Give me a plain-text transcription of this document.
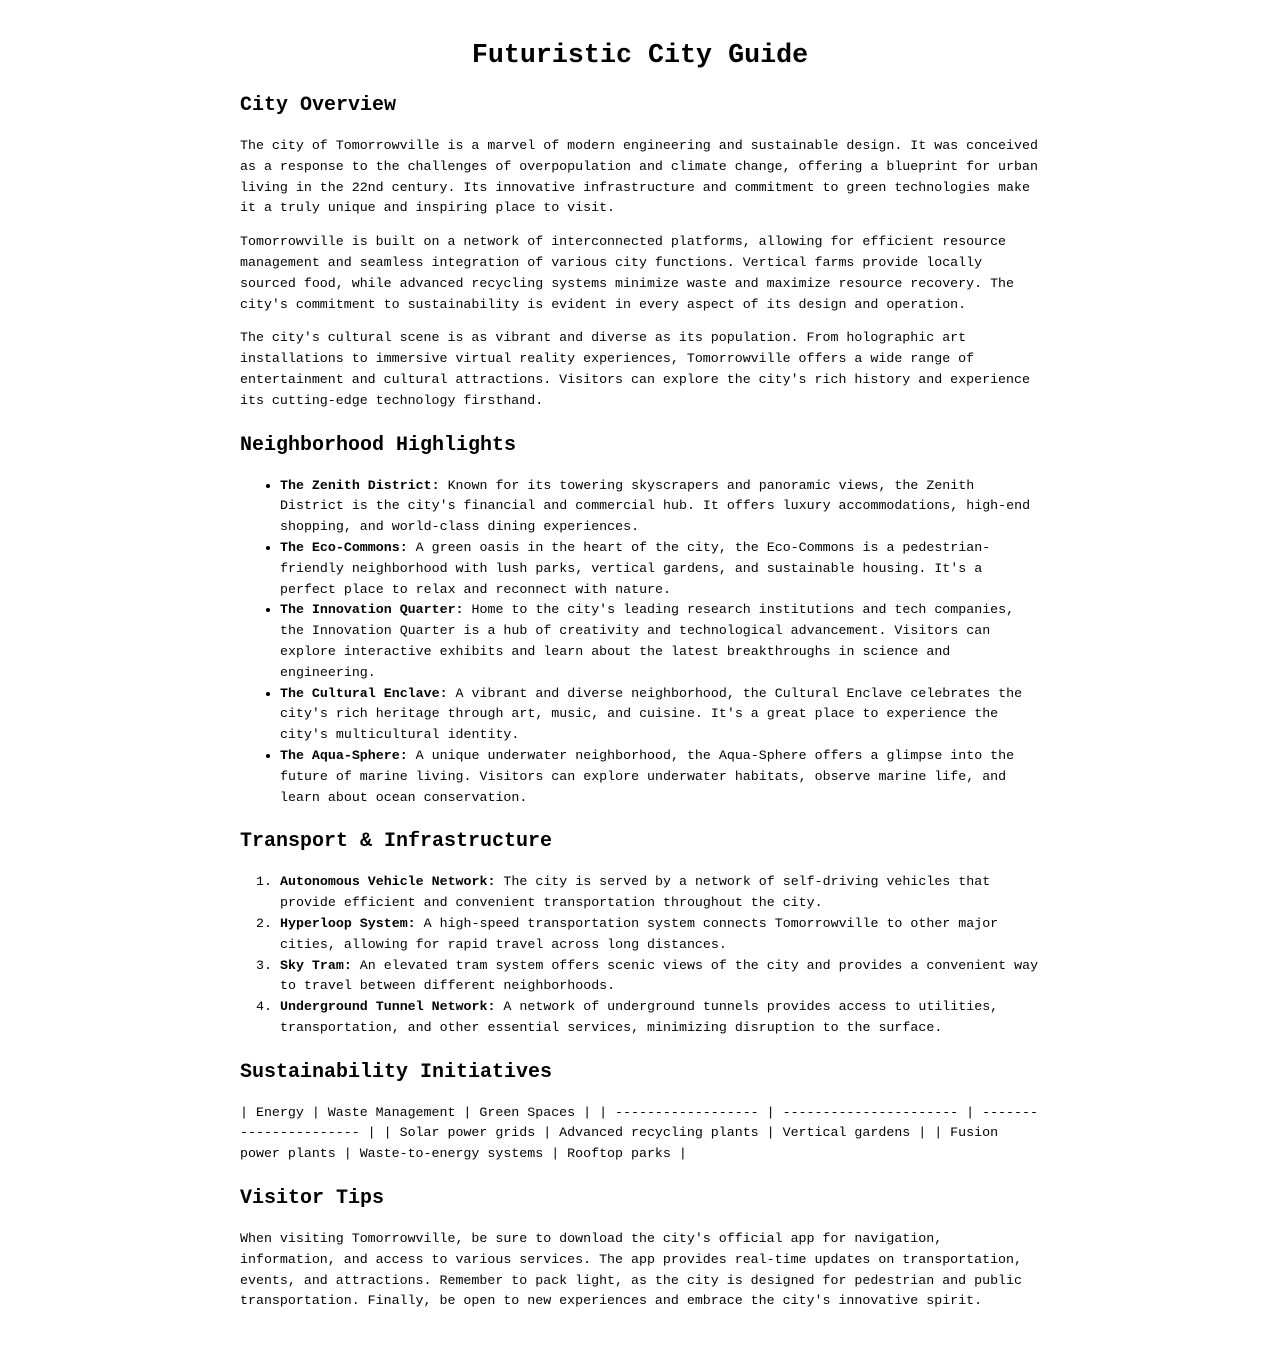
Futuristic City Guide
City Overview

The city of Tomorrowville is a marvel of modern engineering and sustainable design. It was conceived as a response to the challenges of overpopulation and climate change, offering a blueprint for urban living in the 22nd century. Its innovative infrastructure and commitment to green technologies make it a truly unique and inspiring place to visit.

Tomorrowville is built on a network of interconnected platforms, allowing for efficient resource management and seamless integration of various city functions. Vertical farms provide locally sourced food, while advanced recycling systems minimize waste and maximize resource recovery. The city's commitment to sustainability is evident in every aspect of its design and operation.

The city's cultural scene is as vibrant and diverse as its population. From holographic art installations to immersive virtual reality experiences, Tomorrowville offers a wide range of entertainment and cultural attractions. Visitors can explore the city's rich history and experience its cutting-edge technology firsthand.

Neighborhood Highlights
• The Zenith District: Known for its towering skyscrapers and panoramic views, the Zenith District is the city's financial and commercial hub. It offers luxury accommodations, high-end shopping, and world-class dining experiences.
• The Eco-Commons: A green oasis in the heart of the city, the Eco-Commons is a pedestrian-friendly neighborhood with lush parks, vertical gardens, and sustainable housing. It's a perfect place to relax and reconnect with nature.
• The Innovation Quarter: Home to the city's leading research institutions and tech companies, the Innovation Quarter is a hub of creativity and technological advancement. Visitors can explore interactive exhibits and learn about the latest breakthroughs in science and engineering.
• The Cultural Enclave: A vibrant and diverse neighborhood, the Cultural Enclave celebrates the city's rich heritage through art, music, and cuisine. It's a great place to experience the city's multicultural identity.
• The Aqua-Sphere: A unique underwater neighborhood, the Aqua-Sphere offers a glimpse into the future of marine living. Visitors can explore underwater habitats, observe marine life, and learn about ocean conservation.
Transport & Infrastructure
1. Autonomous Vehicle Network: The city is served by a network of self-driving vehicles that provide efficient and convenient transportation throughout the city.
2. Hyperloop System: A high-speed transportation system connects Tomorrowville to other major cities, allowing for rapid travel across long distances.
3. Sky Tram: An elevated tram system offers scenic views of the city and provides a convenient way to travel between different neighborhoods.
4. Underground Tunnel Network: A network of underground tunnels provides access to utilities, transportation, and other essential services, minimizing disruption to the surface.
Sustainability Initiatives

| Energy | Waste Management | Green Spaces | | ------------------ | ---------------------- | ---------------------- | | Solar power grids | Advanced recycling plants | Vertical gardens | | Fusion power plants | Waste-to-energy systems | Rooftop parks |

Visitor Tips

When visiting Tomorrowville, be sure to download the city's official app for navigation, information, and access to various services. The app provides real-time updates on transportation, events, and attractions. Remember to pack light, as the city is designed for pedestrian and public transportation. Finally, be open to new experiences and embrace the city's innovative spirit.
